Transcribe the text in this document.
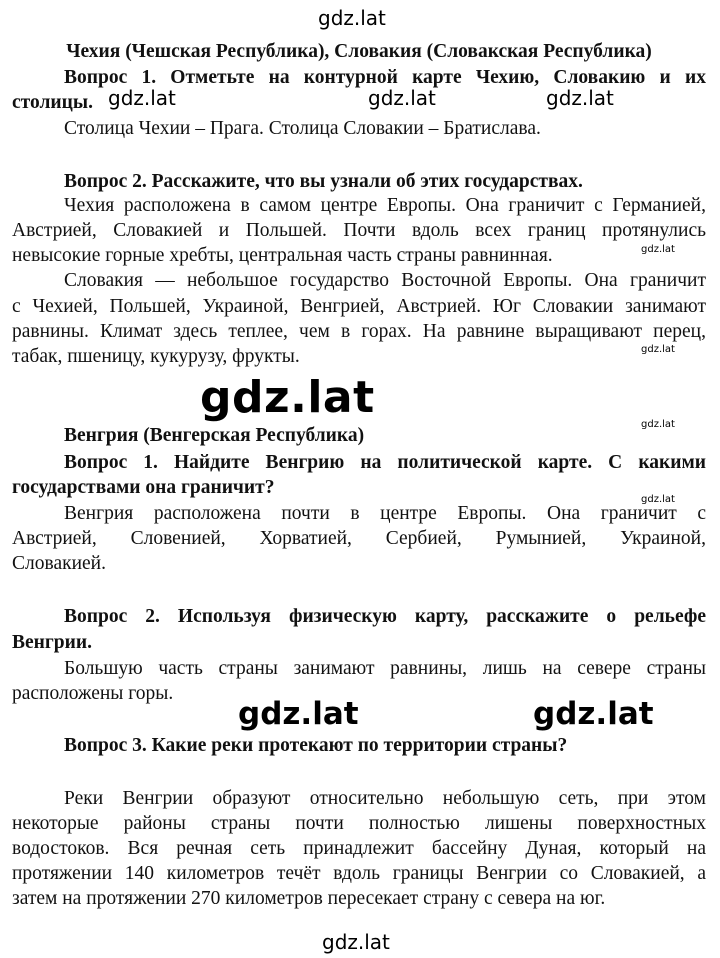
gdz.lat
Чехия (Чешская Республика), Словакия (Словакская Республика)
Вопрос 1. Отметьте на контурной карте Чехию, Словакию и их
столицы. gdz.lat	gdz.lat	gdz.lat
Столица Чехии – Прага. Столица Словакии – Братислава.
Вопрос 2. Расскажите, что вы узнали об этих государствах.
Чехия расположена в самом центре Европы. Она граничит с Германией,
Австрией, Словакией и Польшей. Почти вдоль всех границ протянулись
невысокие горные хребты, центральная часть страны равнинная.	gdz.lat
Словакия — небольшое государство Восточной Европы. Она граничит
с Чехией, Польшей, Украиной, Венгрией, Австрией. Юг Словакии занимают
равнины. Климат здесь теплее, чем в горах. На равнине выращивают перец,
табак, пшеницу, кукурузу, фрукты.	gdz.lat
gdz.lat
gdz.lat
Венгрия (Венгерская Республика)
Вопрос 1. Найдите Венгрию на политической карте. С какими
государствами она граничит?
gdz.lat
Венгрия расположена почти в центре Европы. Она граничит с
Австрией, Словенией, Хорватией, Сербией, Румынией, Украиной,
Словакией.
Вопрос 2. Используя физическую карту, расскажите о рельефе
Венгрии.
Большую часть страны занимают равнины, лишь на севере страны
расположены горы.
gdz.lat	gdz.lat
Вопрос 3. Какие реки протекают по территории страны?
Реки Венгрии образуют относительно небольшую сеть, при этом
некоторые районы страны почти полностью лишены поверхностных
водостоков. Вся речная сеть принадлежит бассейну Дуная, который на
протяжении 140 километров течёт вдоль границы Венгрии со Словакией, а
затем на протяжении 270 километров пересекает страну с севера на юг.
gdz.lat
